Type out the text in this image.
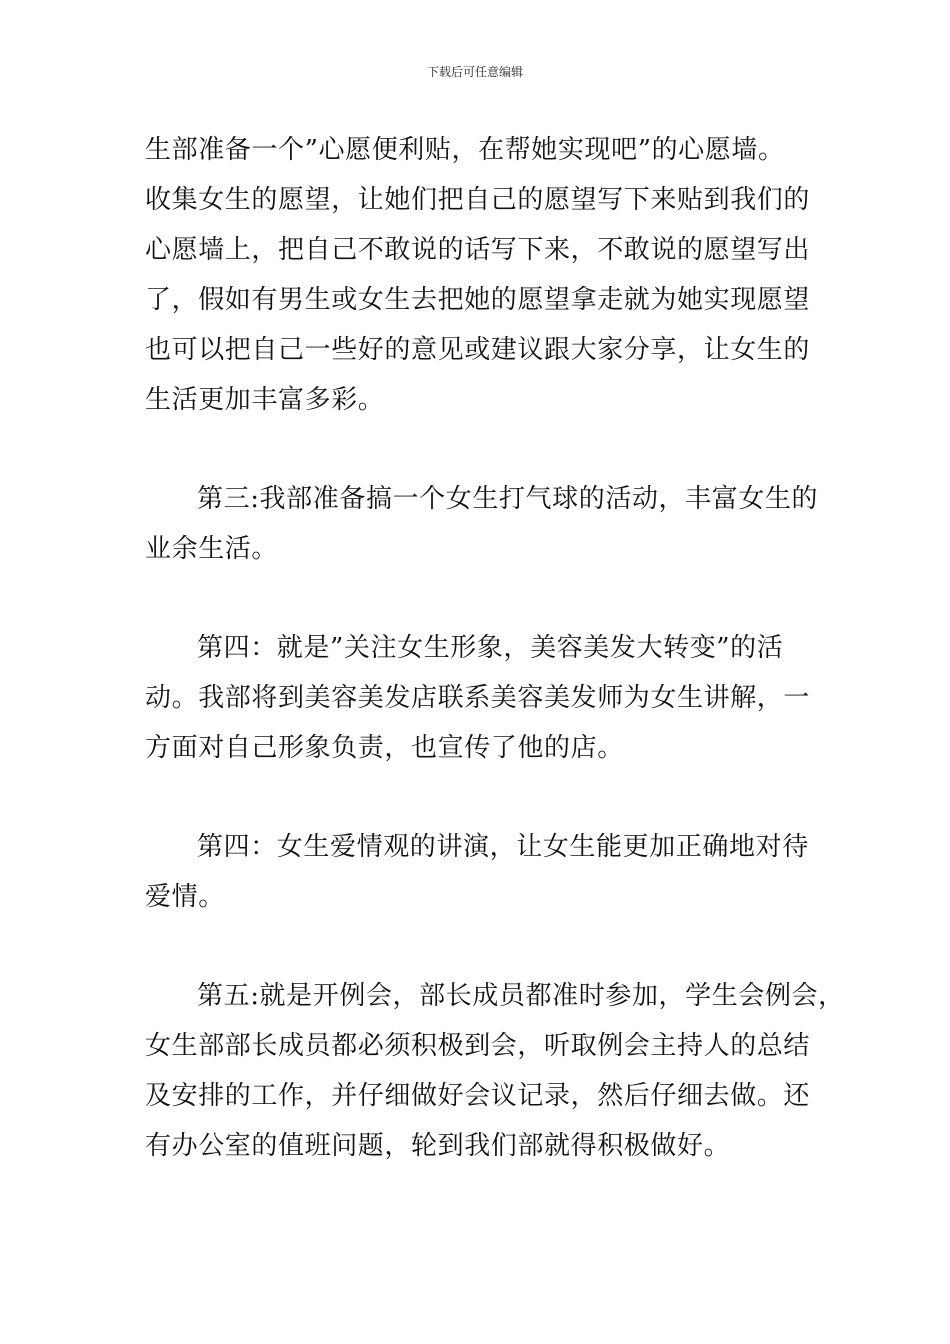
下载后可任意编辑

生部准备一个”心愿便利贴，在帮她实现吧”的心愿墙。
收集女生的愿望，让她们把自己的愿望写下来贴到我们的
心愿墙上，把自己不敢说的话写下来，不敢说的愿望写出
了，假如有男生或女生去把她的愿望拿走就为她实现愿望
也可以把自己一些好的意见或建议跟大家分享，让女生的
生活更加丰富多彩。

第三:我部准备搞一个女生打气球的活动，丰富女生的
业余生活。

第四：就是”关注女生形象，美容美发大转变”的活
动。我部将到美容美发店联系美容美发师为女生讲解，一
方面对自己形象负责，也宣传了他的店。

第四：女生爱情观的讲演，让女生能更加正确地对待
爱情。

第五:就是开例会，部长成员都准时参加，学生会例会，
女生部部长成员都必须积极到会，听取例会主持人的总结
及安排的工作，并仔细做好会议记录，然后仔细去做。还
有办公室的值班问题，轮到我们部就得积极做好。
